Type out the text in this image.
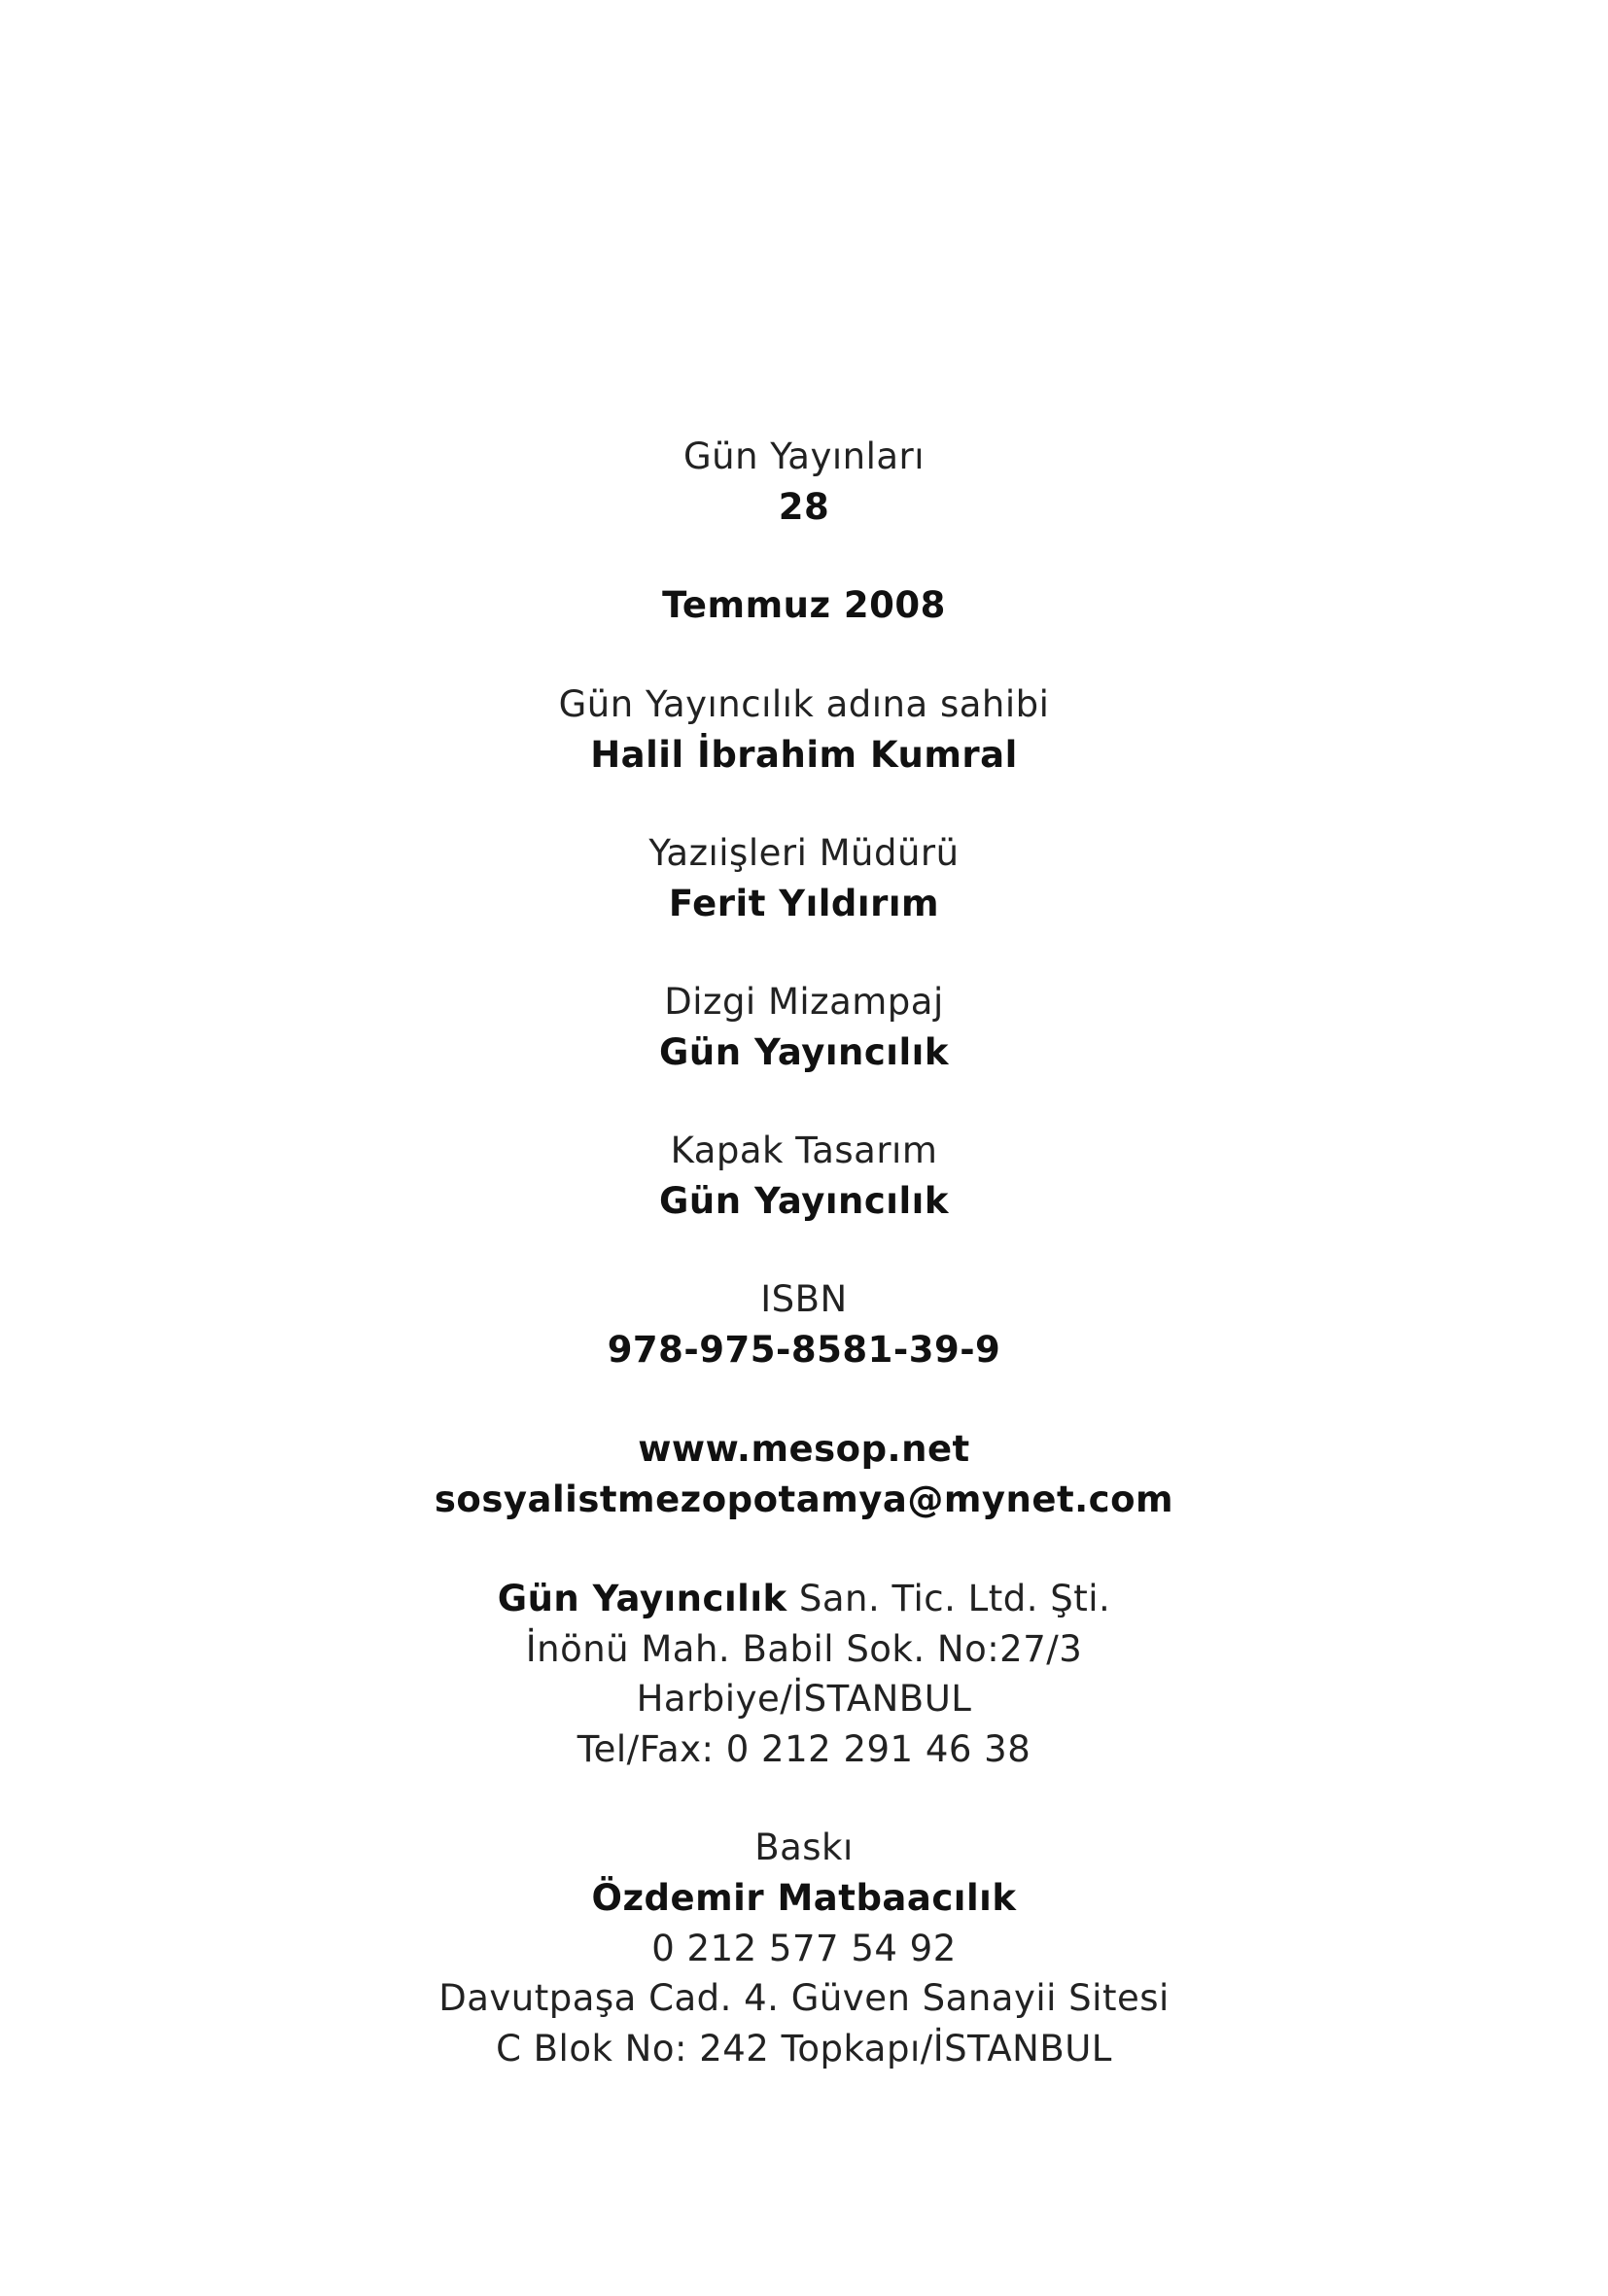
Gün Yayınları
28
Temmuz 2008
Gün Yayıncılık adına sahibi
Halil İbrahim Kumral
Yazıişleri Müdürü
Ferit Yıldırım
Dizgi Mizampaj
Gün Yayıncılık
Kapak Tasarım
Gün Yayıncılık
ISBN
978-975-8581-39-9
www.mesop.net
sosyalistmezopotamya@mynet.com
Gün Yayıncılık San. Tic. Ltd. Şti.
İnönü Mah. Babil Sok. No:27/3
Harbiye/İSTANBUL
Tel/Fax: 0 212 291 46 38
Baskı
Özdemir Matbaacılık
0 212 577 54 92
Davutpaşa Cad. 4. Güven Sanayii Sitesi
C Blok No: 242 Topkapı/İSTANBUL
